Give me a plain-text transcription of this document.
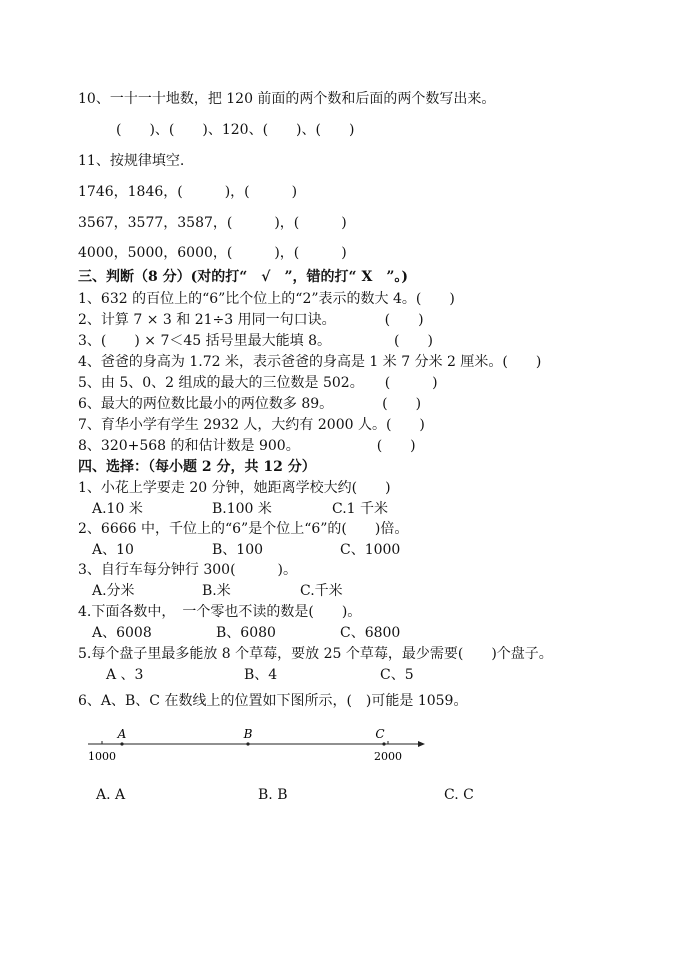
10、一十一十地数，把 120 前面的两个数和后面的两个数写出来。
(　　)、(　　)、120、(　　)、(　　)
11、按规律填空.
1746，1846，(　　　)，(　　　)
3567，3577，3587，(　　　)，(　　　)
4000，5000，6000，(　　　)，(　　　)
三、判断（8 分）(对的打“　√　”，错的打“ X　”。)
1、632 的百位上的“6”比个位上的“2”表示的数大 4。(　　)
2、计算 7 × 3 和 21÷3 用同一句口诀。　　　　(　　)
3、(　　) × 7＜45 括号里最大能填 8。　　　　　(　　)
4、爸爸的身高为 1.72 米，表示爸爸的身高是 1 米 7 分米 2 厘米。(　　)
5、由 5、0、2 组成的最大的三位数是 502。　　(　　　)
6、最大的两位数比最小的两位数多 89。　　　　(　　)
7、育华小学有学生 2932 人，大约有 2000 人。(　　)
8、320+568 的和估计数是 900。　　　　　　(　　)
四、选择：（每小题 2 分，共 12 分）
1、小花上学要走 20 分钟，她距离学校大约(　　)
A.10 米	B.100 米	C.1 千米
2、6666 中，千位上的“6”是个位上“6”的(　　)倍。
A、10	B、100	C、1000
3、自行车每分钟行 300(　　　)。
A.分米	B.米	C.千米
4.下面各数中，　一个零也不读的数是(　　)。
A、6008	B、6080	C、6800
5.每个盘子里最多能放 8 个草莓，要放 25 个草莓，最少需要(　　)个盘子。
A 、3	B、4	C、5
6、A、B、C 在数线上的位置如下图所示，(　)可能是 1059。
A	B	C
1000	2000
A. A	B. B	C. C
